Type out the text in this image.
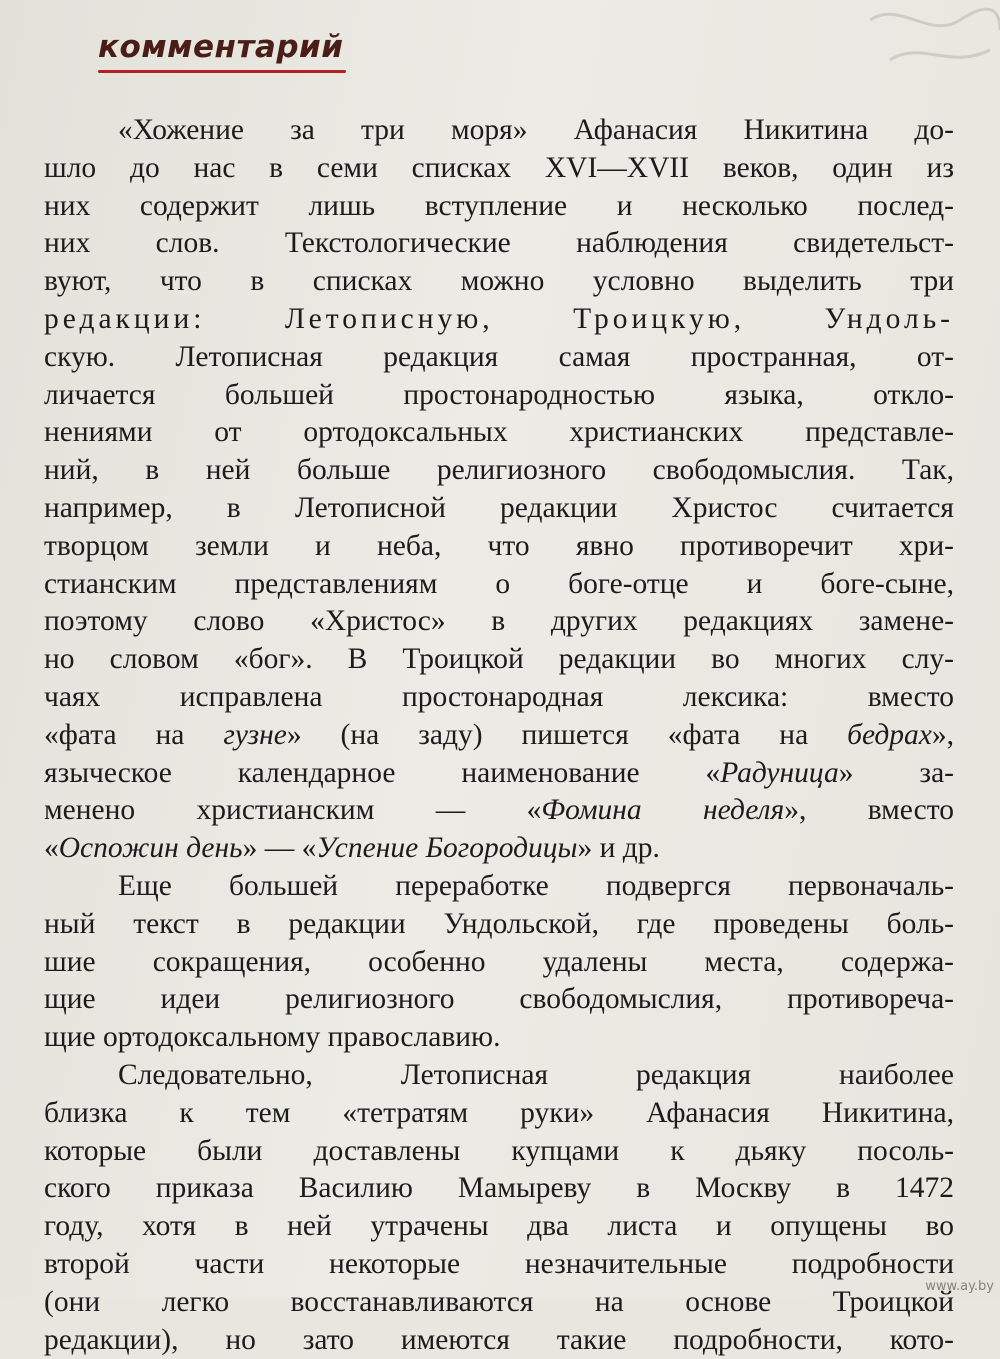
комментарий
«Хожение за три моря» Афанасия Никитина до-
шло до нас в семи списках XVI—XVII веков, один из
них содержит лишь вступление и несколько послед-
них слов. Текстологические наблюдения свидетельст-
вуют, что в списках можно условно выделить три
редакции: Летописную, Троицкую, Ундоль-
скую. Летописная редакция самая пространная, от-
личается большей простонародностью языка, откло-
нениями от ортодоксальных христианских представле-
ний, в ней больше религиозного свободомыслия. Так,
например, в Летописной редакции Христос считается
творцом земли и неба, что явно противоречит хри-
стианским представлениям о боге-отце и боге-сыне,
поэтому слово «Христос» в других редакциях замене-
но словом «бог». В Троицкой редакции во многих слу-
чаях исправлена простонародная лексика: вместо
«фата на гузне» (на заду) пишется «фата на бедрах»,
языческое календарное наименование «Радуница» за-
менено христианским — «Фомина неделя», вместо
«Оспожин день» — «Успение Богородицы» и др.
Еще большей переработке подвергся первоначаль-
ный текст в редакции Ундольской, где проведены боль-
шие сокращения, особенно удалены места, содержа-
щие идеи религиозного свободомыслия, противореча-
щие ортодоксальному православию.
Следовательно, Летописная редакция наиболее
близка к тем «тетратям руки» Афанасия Никитина,
которые были доставлены купцами к дьяку посоль-
ского приказа Василию Мамыреву в Москву в 1472
году, хотя в ней утрачены два листа и опущены во
второй части некоторые незначительные подробности
(они легко восстанавливаются на основе Троицкой
редакции), но зато имеются такие подробности, кото-
www.ay.by
